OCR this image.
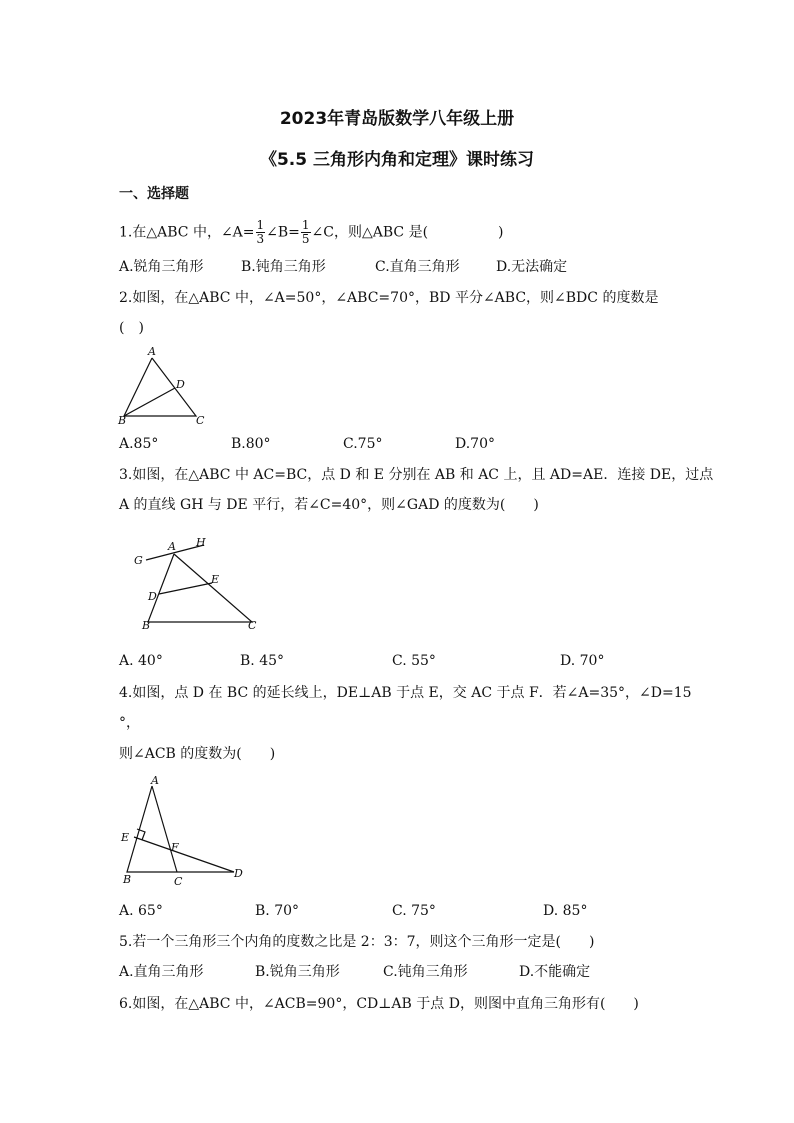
2023年青岛版数学八年级上册
《5.5 三角形内角和定理》课时练习
一、选择题
1.在△ABC 中，∠A= $\frac{1}{3}$ ∠B= $\frac{1}{5}$ ∠C，则△ABC 是(　　　　　)
A.锐角三角形	B.钝角三角形	C.直角三角形	D.无法确定
2.如图，在△ABC 中，∠A=50°，∠ABC=70°，BD 平分∠ABC，则∠BDC 的度数是
(　)
A
D
B	C
A.85°	B.80°	C.75°	D.70°
3.如图，在△ABC 中 AC=BC，点 D 和 E 分别在 AB 和 AC 上，且 AD=AE．连接 DE，过点
A 的直线 GH 与 DE 平行，若∠C=40°，则∠GAD 的度数为(　　)
G
A H
E
D
B	C
A. 40°	B. 45°	C. 55°	D. 70°
4.如图，点 D 在 BC 的延长线上，DE⊥AB 于点 E，交 AC 于点 F．若∠A=35°，∠D=15
°，
则∠ACB 的度数为(　　)
A
E
F
B	C
D
A. 65°	B. 70°	C. 75°	D. 85°
5.若一个三角形三个内角的度数之比是 2：3：7，则这个三角形一定是(　　)
A.直角三角形	B.锐角三角形	C.钝角三角形	D.不能确定
6.如图，在△ABC 中，∠ACB=90°，CD⊥AB 于点 D，则图中直角三角形有(　　)
